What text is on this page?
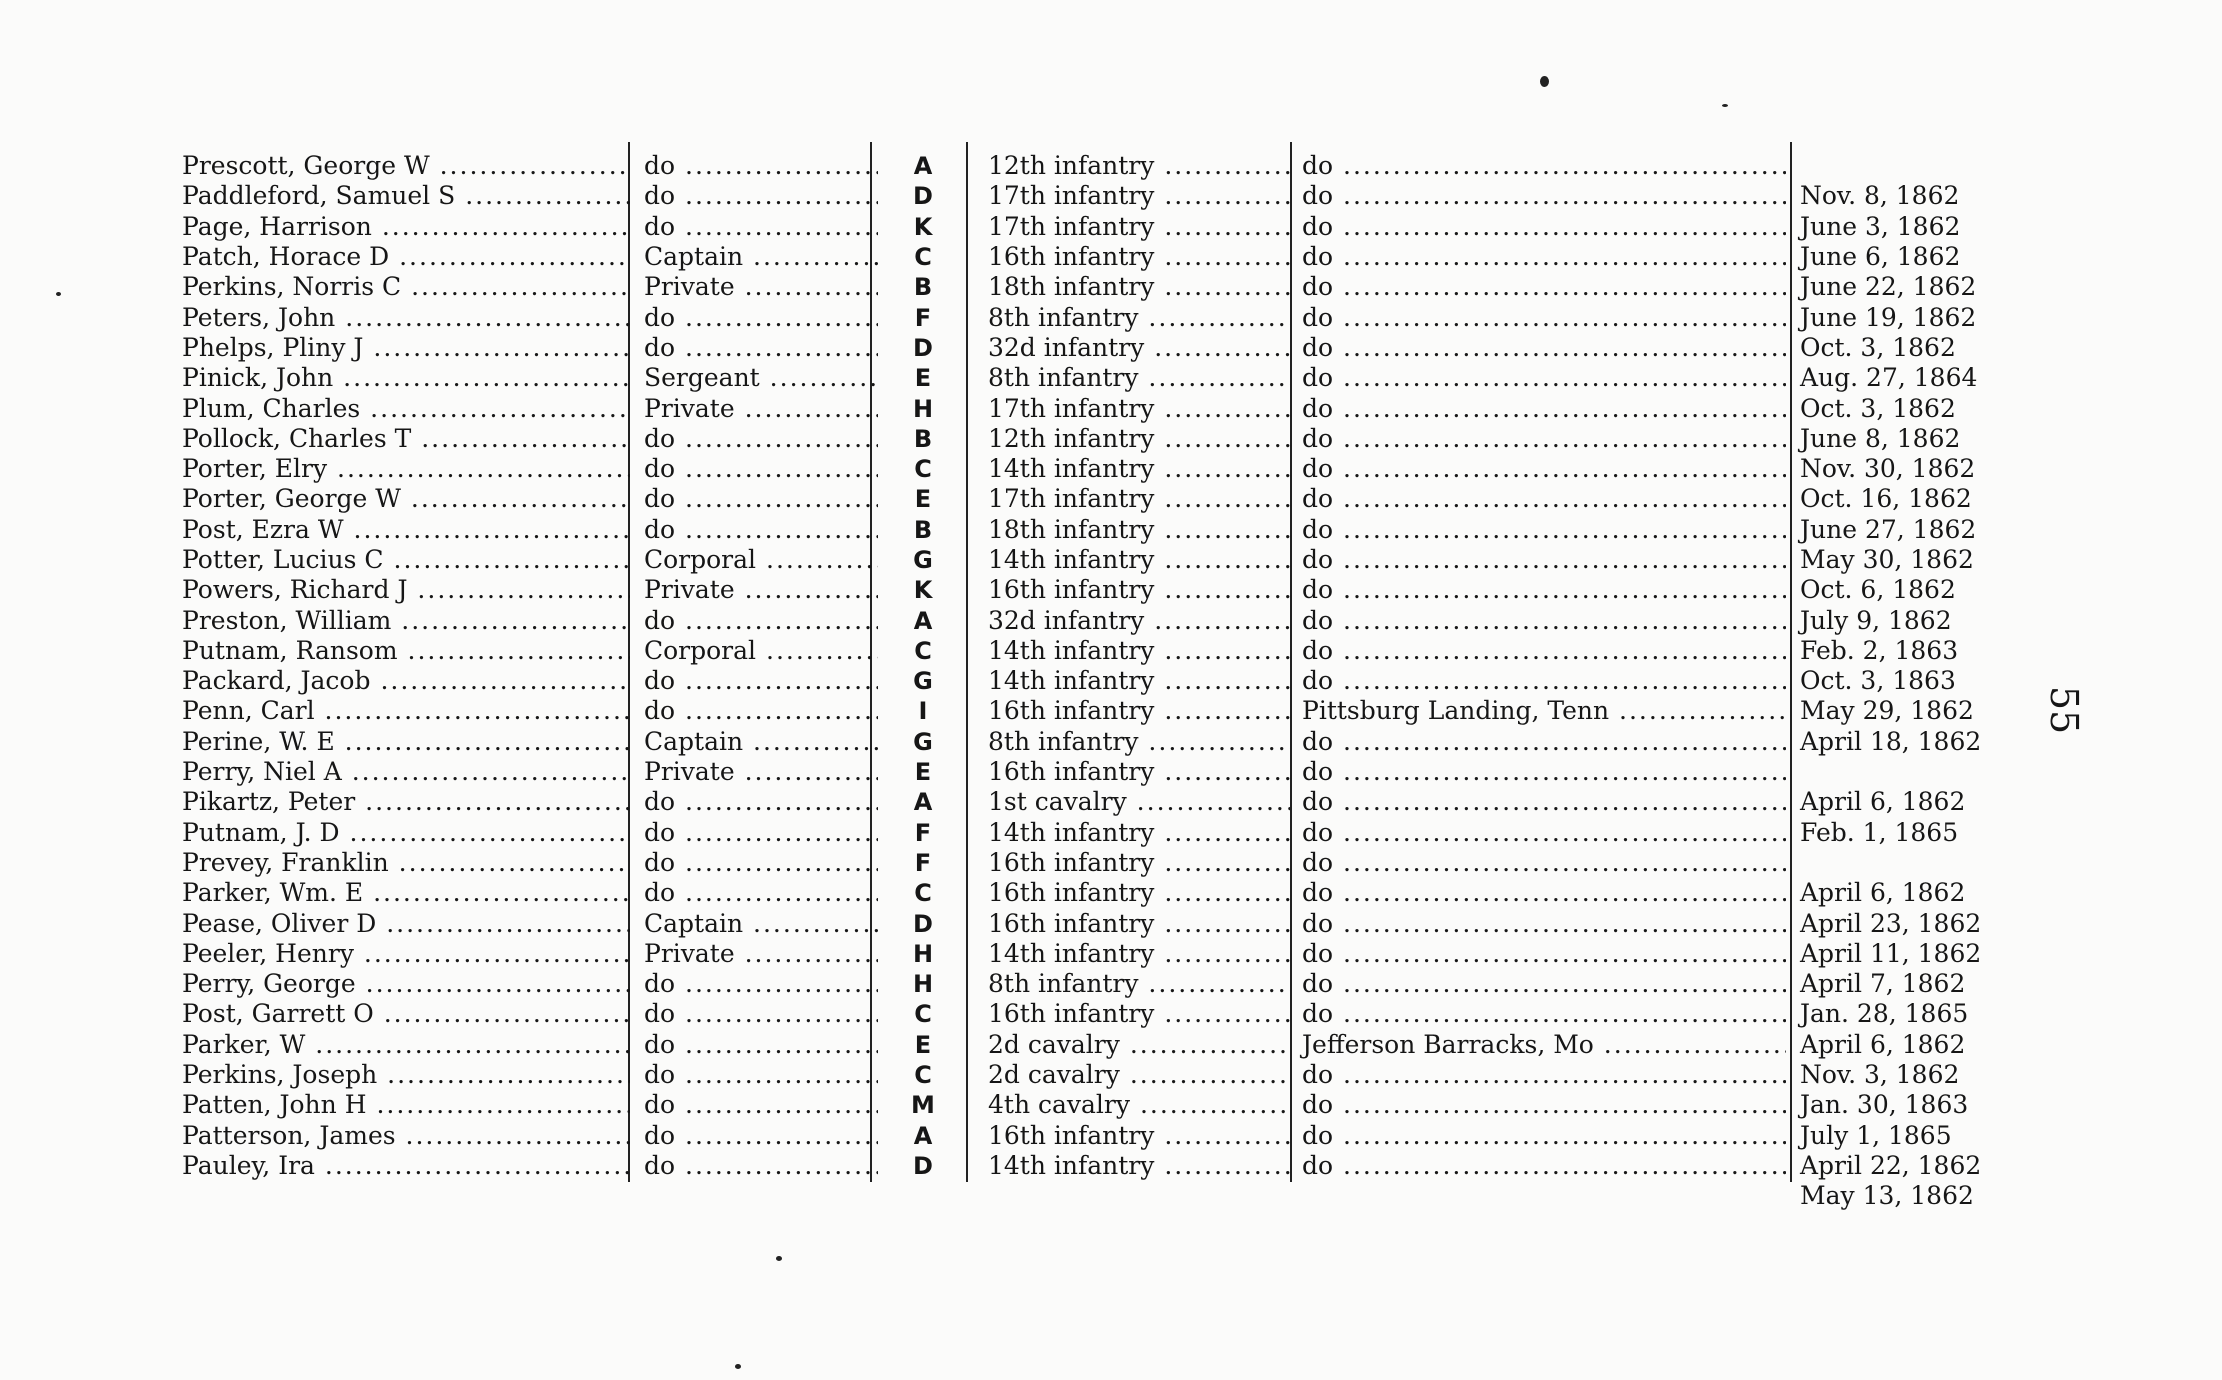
Prescott, George W .....	do .....	A	12th infantry .....	do .....
Paddleford, Samuel S .....	do .....	D	17th infantry .....	do .....	Nov. 8, 1862
Page, Harrison .....	do .....	K	17th infantry .....	do .....	June 3, 1862
Patch, Horace D .....	Captain .....	C	16th infantry .....	do .....	June 6, 1862
Perkins, Norris C .....	Private .....	B	18th infantry .....	do .....	June 22, 1862
Peters, John .....	do .....	F	8th infantry .....	do .....	June 19, 1862
Phelps, Pliny J .....	do .....	D	32d infantry .....	do .....	Oct. 3, 1862
Pinick, John .....	Sergeant .....	E	8th infantry .....	do .....	Aug. 27, 1864
Plum, Charles .....	Private .....	H	17th infantry .....	do .....	Oct. 3, 1862
Pollock, Charles T .....	do .....	B	12th infantry .....	do .....	June 8, 1862
Porter, Elry .....	do .....	C	14th infantry .....	do .....	Nov. 30, 1862
Porter, George W .....	do .....	E	17th infantry .....	do .....	Oct. 16, 1862
Post, Ezra W .....	do .....	B	18th infantry .....	do .....	June 27, 1862
Potter, Lucius C .....	Corporal .....	G	14th infantry .....	do .....	May 30, 1862
Powers, Richard J .....	Private .....	K	16th infantry .....	do .....	Oct. 6, 1862
Preston, William .....	do .....	A	32d infantry .....	do .....	July 9, 1862
Putnam, Ransom .....	Corporal .....	C	14th infantry .....	do .....	Feb. 2, 1863
Packard, Jacob .....	do .....	G	14th infantry .....	do .....	Oct. 3, 1863
Penn, Carl .....	do .....	I	16th infantry .....	Pittsburg Landing, Tenn .....	May 29, 1862
Perine, W. E .....	Captain .....	G	8th infantry .....	do .....	April 18, 1862
Perry, Niel A .....	Private .....	E	16th infantry .....	do .....
Pikartz, Peter .....	do .....	A	1st cavalry .....	do .....	April 6, 1862
Putnam, J. D .....	do .....	F	14th infantry .....	do .....	Feb. 1, 1865
Prevey, Franklin .....	do .....	F	16th infantry .....	do .....
Parker, Wm. E .....	do .....	C	16th infantry .....	do .....	April 6, 1862
Pease, Oliver D .....	Captain .....	D	16th infantry .....	do .....	April 23, 1862
Peeler, Henry .....	Private .....	H	14th infantry .....	do .....	April 11, 1862
Perry, George .....	do .....	H	8th infantry .....	do .....	April 7, 1862
Post, Garrett O .....	do .....	C	16th infantry .....	do .....	Jan. 28, 1865
Parker, W .....	do .....	E	2d cavalry .....	Jefferson Barracks, Mo .....	April 6, 1862
Perkins, Joseph .....	do .....	C	2d cavalry .....	do .....	Nov. 3, 1862
Patten, John H .....	do .....	M	4th cavalry .....	do .....	Jan. 30, 1863
Patterson, James .....	do .....	A	16th infantry .....	do .....	July 1, 1865
Pauley, Ira .....	do .....	D	14th infantry .....	do .....	April 22, 1862
May 13, 1862
55
